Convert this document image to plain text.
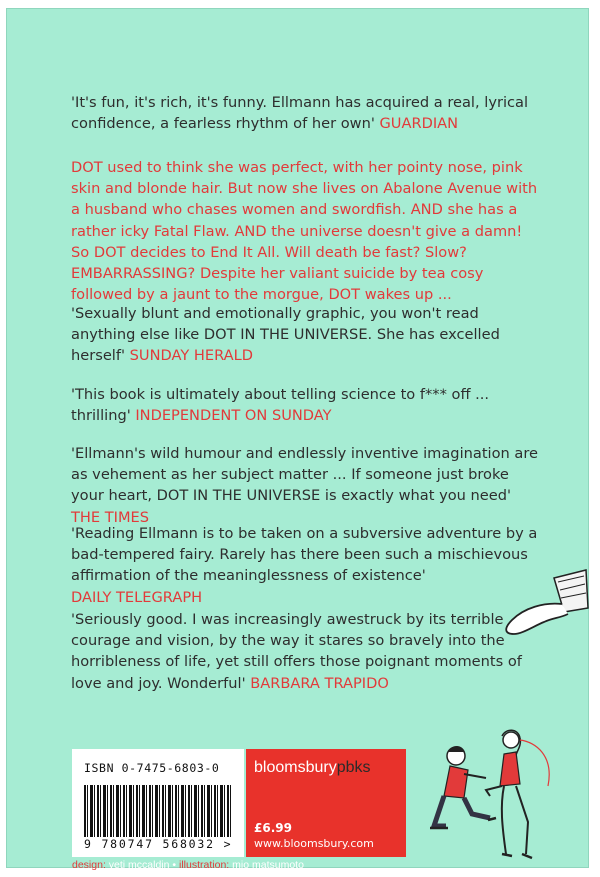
'It's fun, it's rich, it's funny. Ellmann has acquired a real, lyrical confidence, a fearless rhythm of her own' GUARDIAN

DOT used to think she was perfect, with her pointy nose, pink skin and blonde hair. But now she lives on Abalone Avenue with a husband who chases women and swordfish. AND she has a rather icky Fatal Flaw. AND the universe doesn't give a damn! So DOT decides to End It All. Will death be fast? Slow? EMBARRASSING? Despite her valiant suicide by tea cosy followed by a jaunt to the morgue, DOT wakes up ...

'Sexually blunt and emotionally graphic, you won't read anything else like DOT IN THE UNIVERSE. She has excelled herself' SUNDAY HERALD

'This book is ultimately about telling science to f*** off ... thrilling' INDEPENDENT ON SUNDAY

'Ellmann's wild humour and endlessly inventive imagination are as vehement as her subject matter ... If someone just broke your heart, DOT IN THE UNIVERSE is exactly what you need' THE TIMES

'Reading Ellmann is to be taken on a subversive adventure by a bad-tempered fairy. Rarely has there been such a mischievous affirmation of the meaninglessness of existence'
DAILY TELEGRAPH

'Seriously good. I was increasingly awestruck by its terrible courage and vision, by the way it stares so bravely into the horribleness of life, yet still offers those poignant moments of love and joy. Wonderful' BARBARA TRAPIDO

ISBN 0-7475-6803-0
9 780747 568032 >
bloomsburypbks
£6.99
www.bloomsbury.com
design: yeti mccaldin • illustration: mio matsumoto
